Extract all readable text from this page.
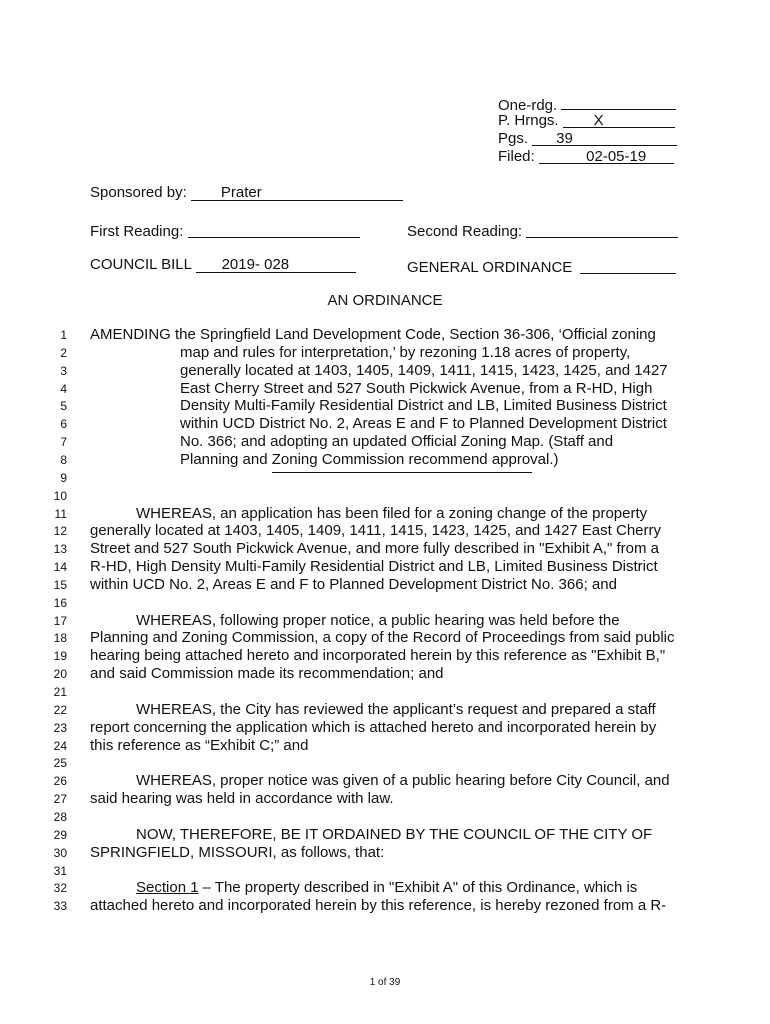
One-rdg.
P. Hrngs.	X
Pgs.	39
Filed:	02-05-19
Sponsored by: Prater
First Reading:	Second Reading:
COUNCIL BILL 2019- 028	GENERAL ORDINANCE
AN ORDINANCE
1 AMENDING the Springfield Land Development Code, Section 36-306, ‘Official zoning
2	map and rules for interpretation,’ by rezoning 1.18 acres of property,
3	generally located at 1403, 1405, 1409, 1411, 1415, 1423, 1425, and 1427
4	East Cherry Street and 527 South Pickwick Avenue, from a R-HD, High
5	Density Multi-Family Residential District and LB, Limited Business District
6	within UCD District No. 2, Areas E and F to Planned Development District
7	No. 366; and adopting an updated Official Zoning Map. (Staff and
8	Planning and Zoning Commission recommend approval.)
9
10
11	WHEREAS, an application has been filed for a zoning change of the property
12 generally located at 1403, 1405, 1409, 1411, 1415, 1423, 1425, and 1427 East Cherry
13 Street and 527 South Pickwick Avenue, and more fully described in "Exhibit A," from a
14 R-HD, High Density Multi-Family Residential District and LB, Limited Business District
15 within UCD No. 2, Areas E and F to Planned Development District No. 366; and
16
17	WHEREAS, following proper notice, a public hearing was held before the
18 Planning and Zoning Commission, a copy of the Record of Proceedings from said public
19 hearing being attached hereto and incorporated herein by this reference as "Exhibit B,"
20 and said Commission made its recommendation; and
21
22	WHEREAS, the City has reviewed the applicant’s request and prepared a staff
23 report concerning the application which is attached hereto and incorporated herein by
24 this reference as “Exhibit C;” and
25
26	WHEREAS, proper notice was given of a public hearing before City Council, and
27 said hearing was held in accordance with law.
28
29	NOW, THEREFORE, BE IT ORDAINED BY THE COUNCIL OF THE CITY OF
30 SPRINGFIELD, MISSOURI, as follows, that:
31
32	Section 1 – The property described in "Exhibit A" of this Ordinance, which is
33 attached hereto and incorporated herein by this reference, is hereby rezoned from a R-
1 of 39
